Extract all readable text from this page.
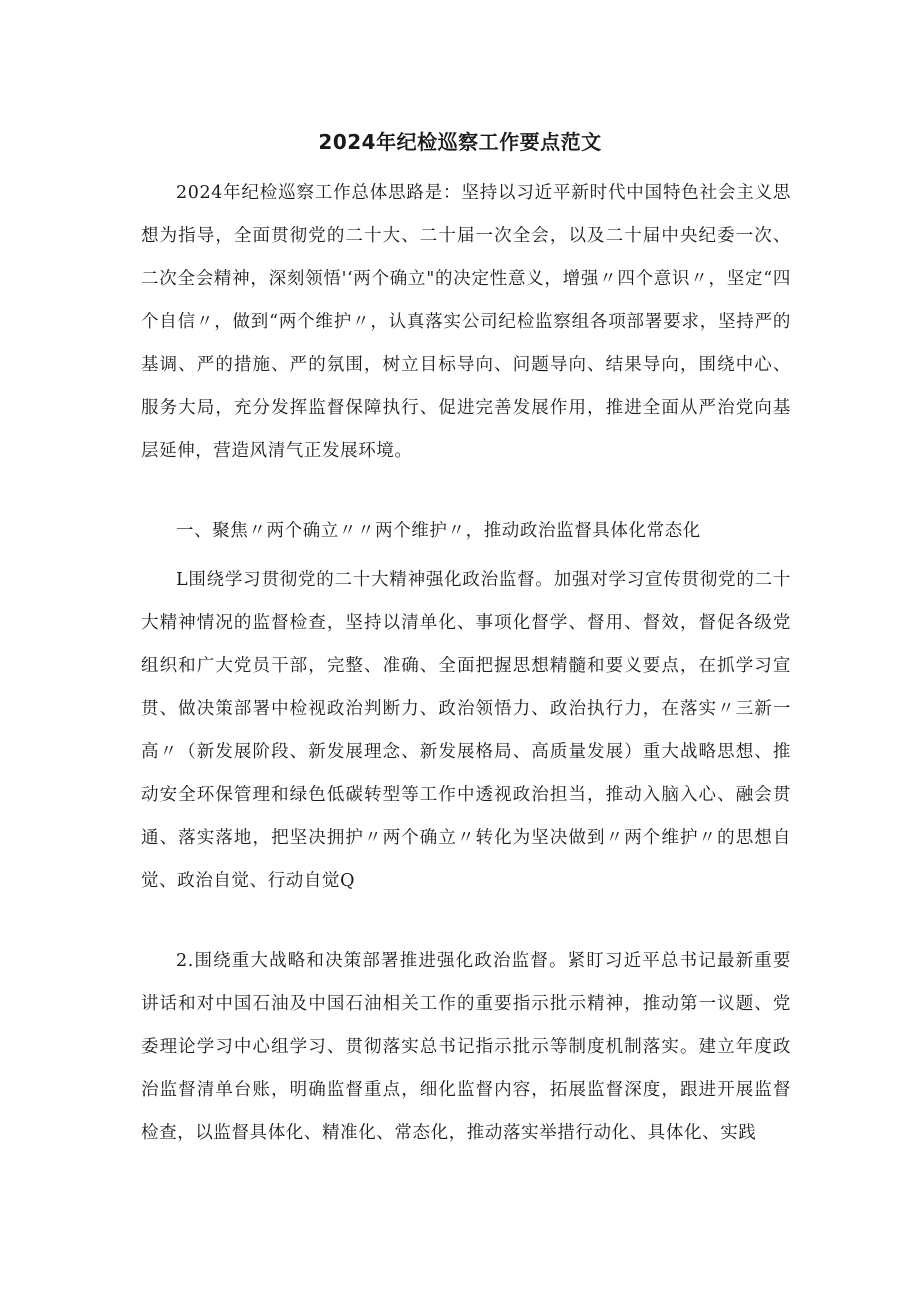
2024年纪检巡察工作要点范文

2024年纪检巡察工作总体思路是：坚持以习近平新时代中国特色社会主义思想为指导，全面贯彻党的二十大、二十届一次全会，以及二十届中央纪委一次、二次全会精神，深刻领悟'‘两个确立"的决定性意义，增强〃四个意识〃，坚定“四个自信〃，做到“两个维护〃，认真落实公司纪检监察组各项部署要求，坚持严的基调、严的措施、严的氛围，树立目标导向、问题导向、结果导向，围绕中心、服务大局，充分发挥监督保障执行、促进完善发展作用，推进全面从严治党向基层延伸，营造风清气正发展环境。

一、聚焦〃两个确立〃〃两个维护〃，推动政治监督具体化常态化

L围绕学习贯彻党的二十大精神强化政治监督。加强对学习宣传贯彻党的二十大精神情况的监督检查，坚持以清单化、事项化督学、督用、督效，督促各级党组织和广大党员干部，完整、准确、全面把握思想精髓和要义要点，在抓学习宣贯、做决策部署中检视政治判断力、政治领悟力、政治执行力，在落实〃三新一高〃（新发展阶段、新发展理念、新发展格局、高质量发展）重大战略思想、推动安全环保管理和绿色低碳转型等工作中透视政治担当，推动入脑入心、融会贯通、落实落地，把坚决拥护〃两个确立〃转化为坚决做到〃两个维护〃的思想自觉、政治自觉、行动自觉Q

2.围绕重大战略和决策部署推进强化政治监督。紧盯习近平总书记最新重要讲话和对中国石油及中国石油相关工作的重要指示批示精神，推动第一议题、党委理论学习中心组学习、贯彻落实总书记指示批示等制度机制落实。建立年度政治监督清单台账，明确监督重点，细化监督内容，拓展监督深度，跟进开展监督检查，以监督具体化、精准化、常态化，推动落实举措行动化、具体化、实践
